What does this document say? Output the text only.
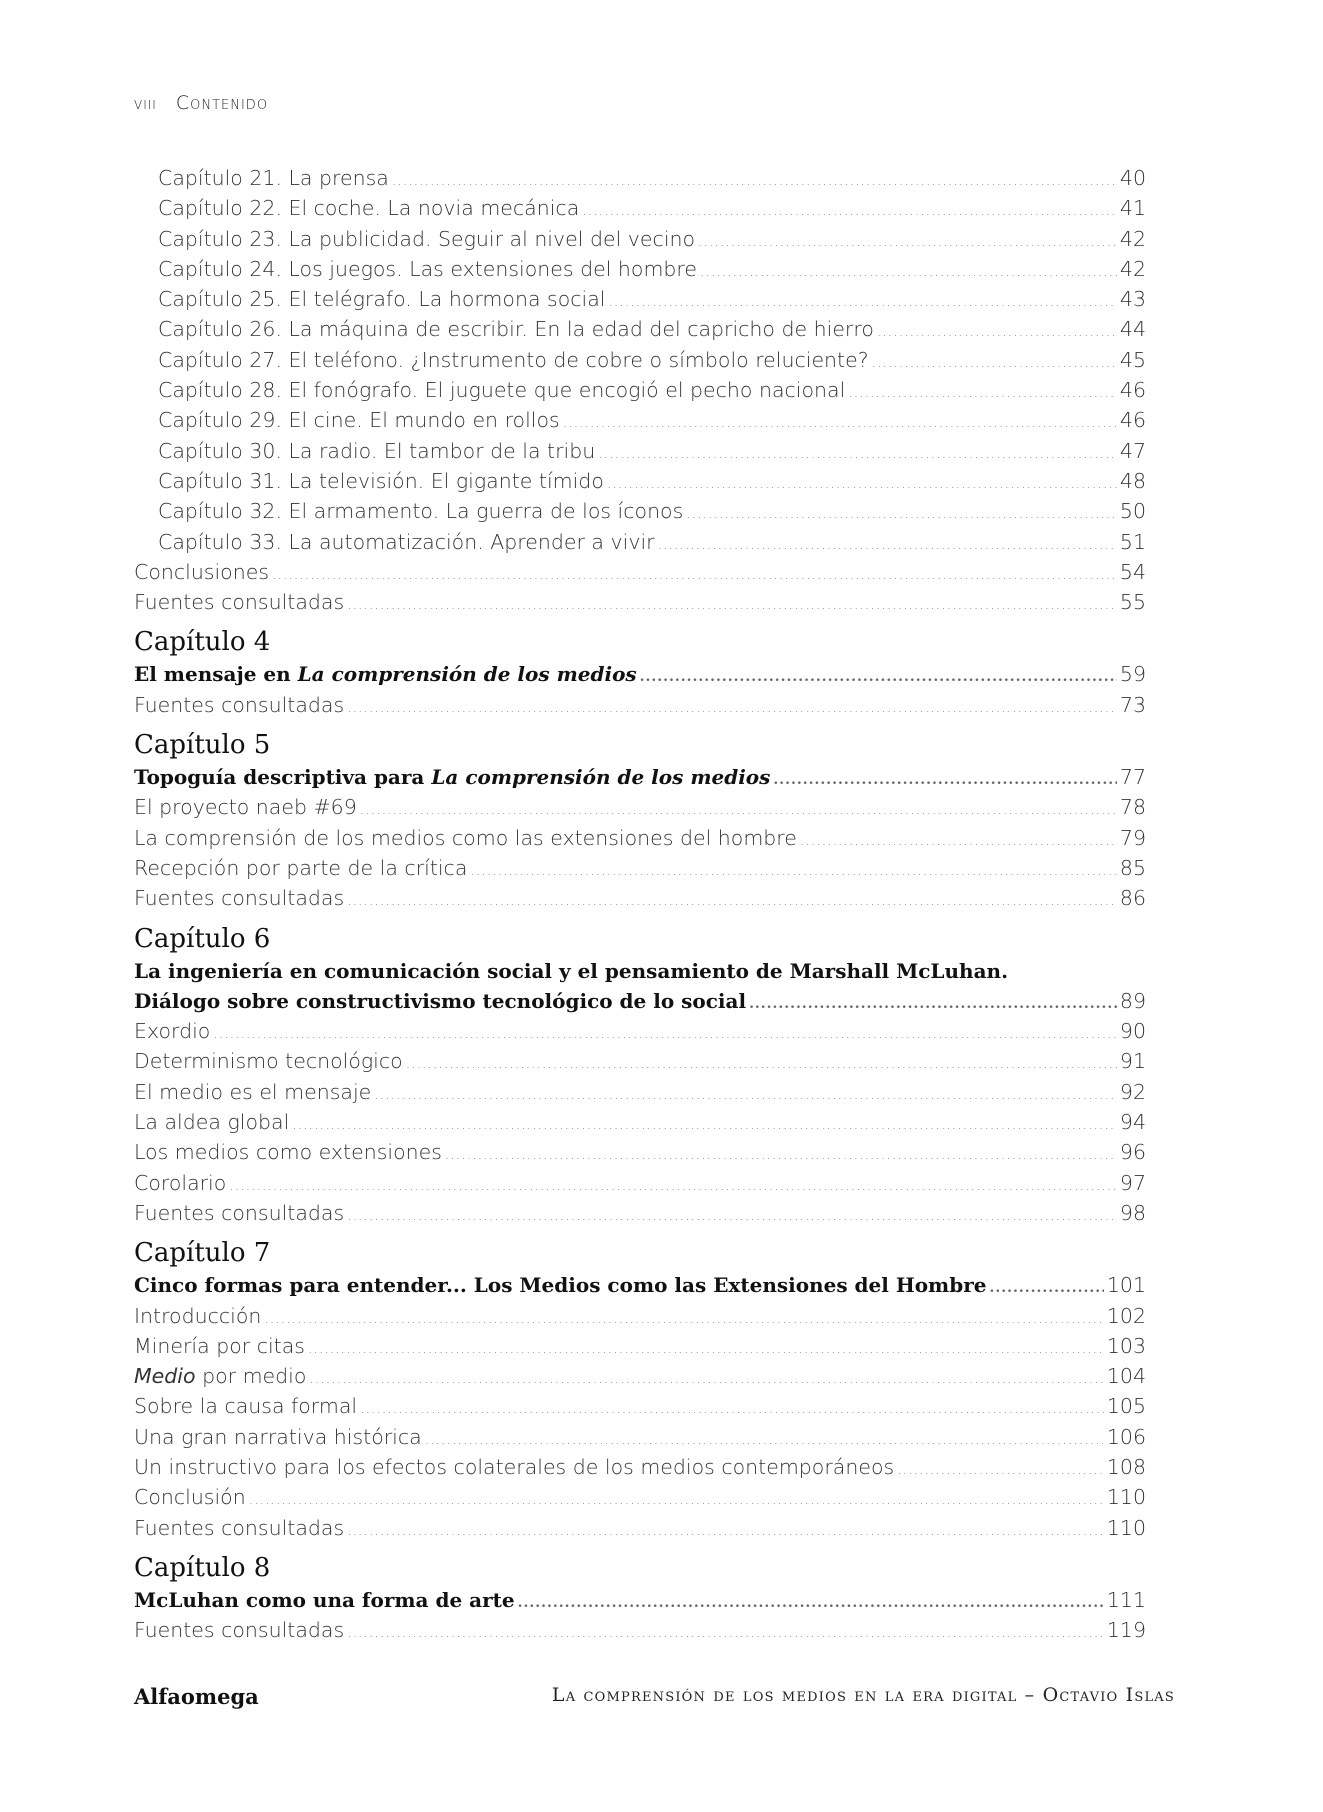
viii Contenido
Capítulo 21. La prensa .....	40
Capítulo 22. El coche. La novia mecánica .....	41
Capítulo 23. La publicidad. Seguir al nivel del vecino .....	42
Capítulo 24. Los juegos. Las extensiones del hombre .....	42
Capítulo 25. El telégrafo. La hormona social .....	43
Capítulo 26. La máquina de escribir. En la edad del capricho de hierro .....	44
Capítulo 27. El teléfono. ¿Instrumento de cobre o símbolo reluciente? .....	45
Capítulo 28. El fonógrafo. El juguete que encogió el pecho nacional .....	46
Capítulo 29. El cine. El mundo en rollos .....	46
Capítulo 30. La radio. El tambor de la tribu .....	47
Capítulo 31. La televisión. El gigante tímido .....	48
Capítulo 32. El armamento. La guerra de los íconos .....	50
Capítulo 33. La automatización. Aprender a vivir .....	51
Conclusiones .....	54
Fuentes consultadas .....	55
Capítulo 4
El mensaje en La comprensión de los medios .....	59
Fuentes consultadas .....	73
Capítulo 5
Topoguía descriptiva para La comprensión de los medios .....	77
El proyecto naeb #69 .....	78
La comprensión de los medios como las extensiones del hombre .....	79
Recepción por parte de la crítica .....	85
Fuentes consultadas .....	86
Capítulo 6
La ingeniería en comunicación social y el pensamiento de Marshall McLuhan.
Diálogo sobre constructivismo tecnológico de lo social .....	89
Exordio .....	90
Determinismo tecnológico .....	91
El medio es el mensaje .....	92
La aldea global .....	94
Los medios como extensiones .....	96
Corolario .....	97
Fuentes consultadas .....	98
Capítulo 7
Cinco formas para entender... Los Medios como las Extensiones del Hombre .....	101
Introducción .....	102
Minería por citas .....	103
Medio por medio .....	104
Sobre la causa formal .....	105
Una gran narrativa histórica .....	106
Un instructivo para los efectos colaterales de los medios contemporáneos .....	108
Conclusión .....	110
Fuentes consultadas .....	110
Capítulo 8
McLuhan como una forma de arte .....	111
Fuentes consultadas .....	119
Alfaomega	La comprensión de los medios en la era digital – Octavio Islas
